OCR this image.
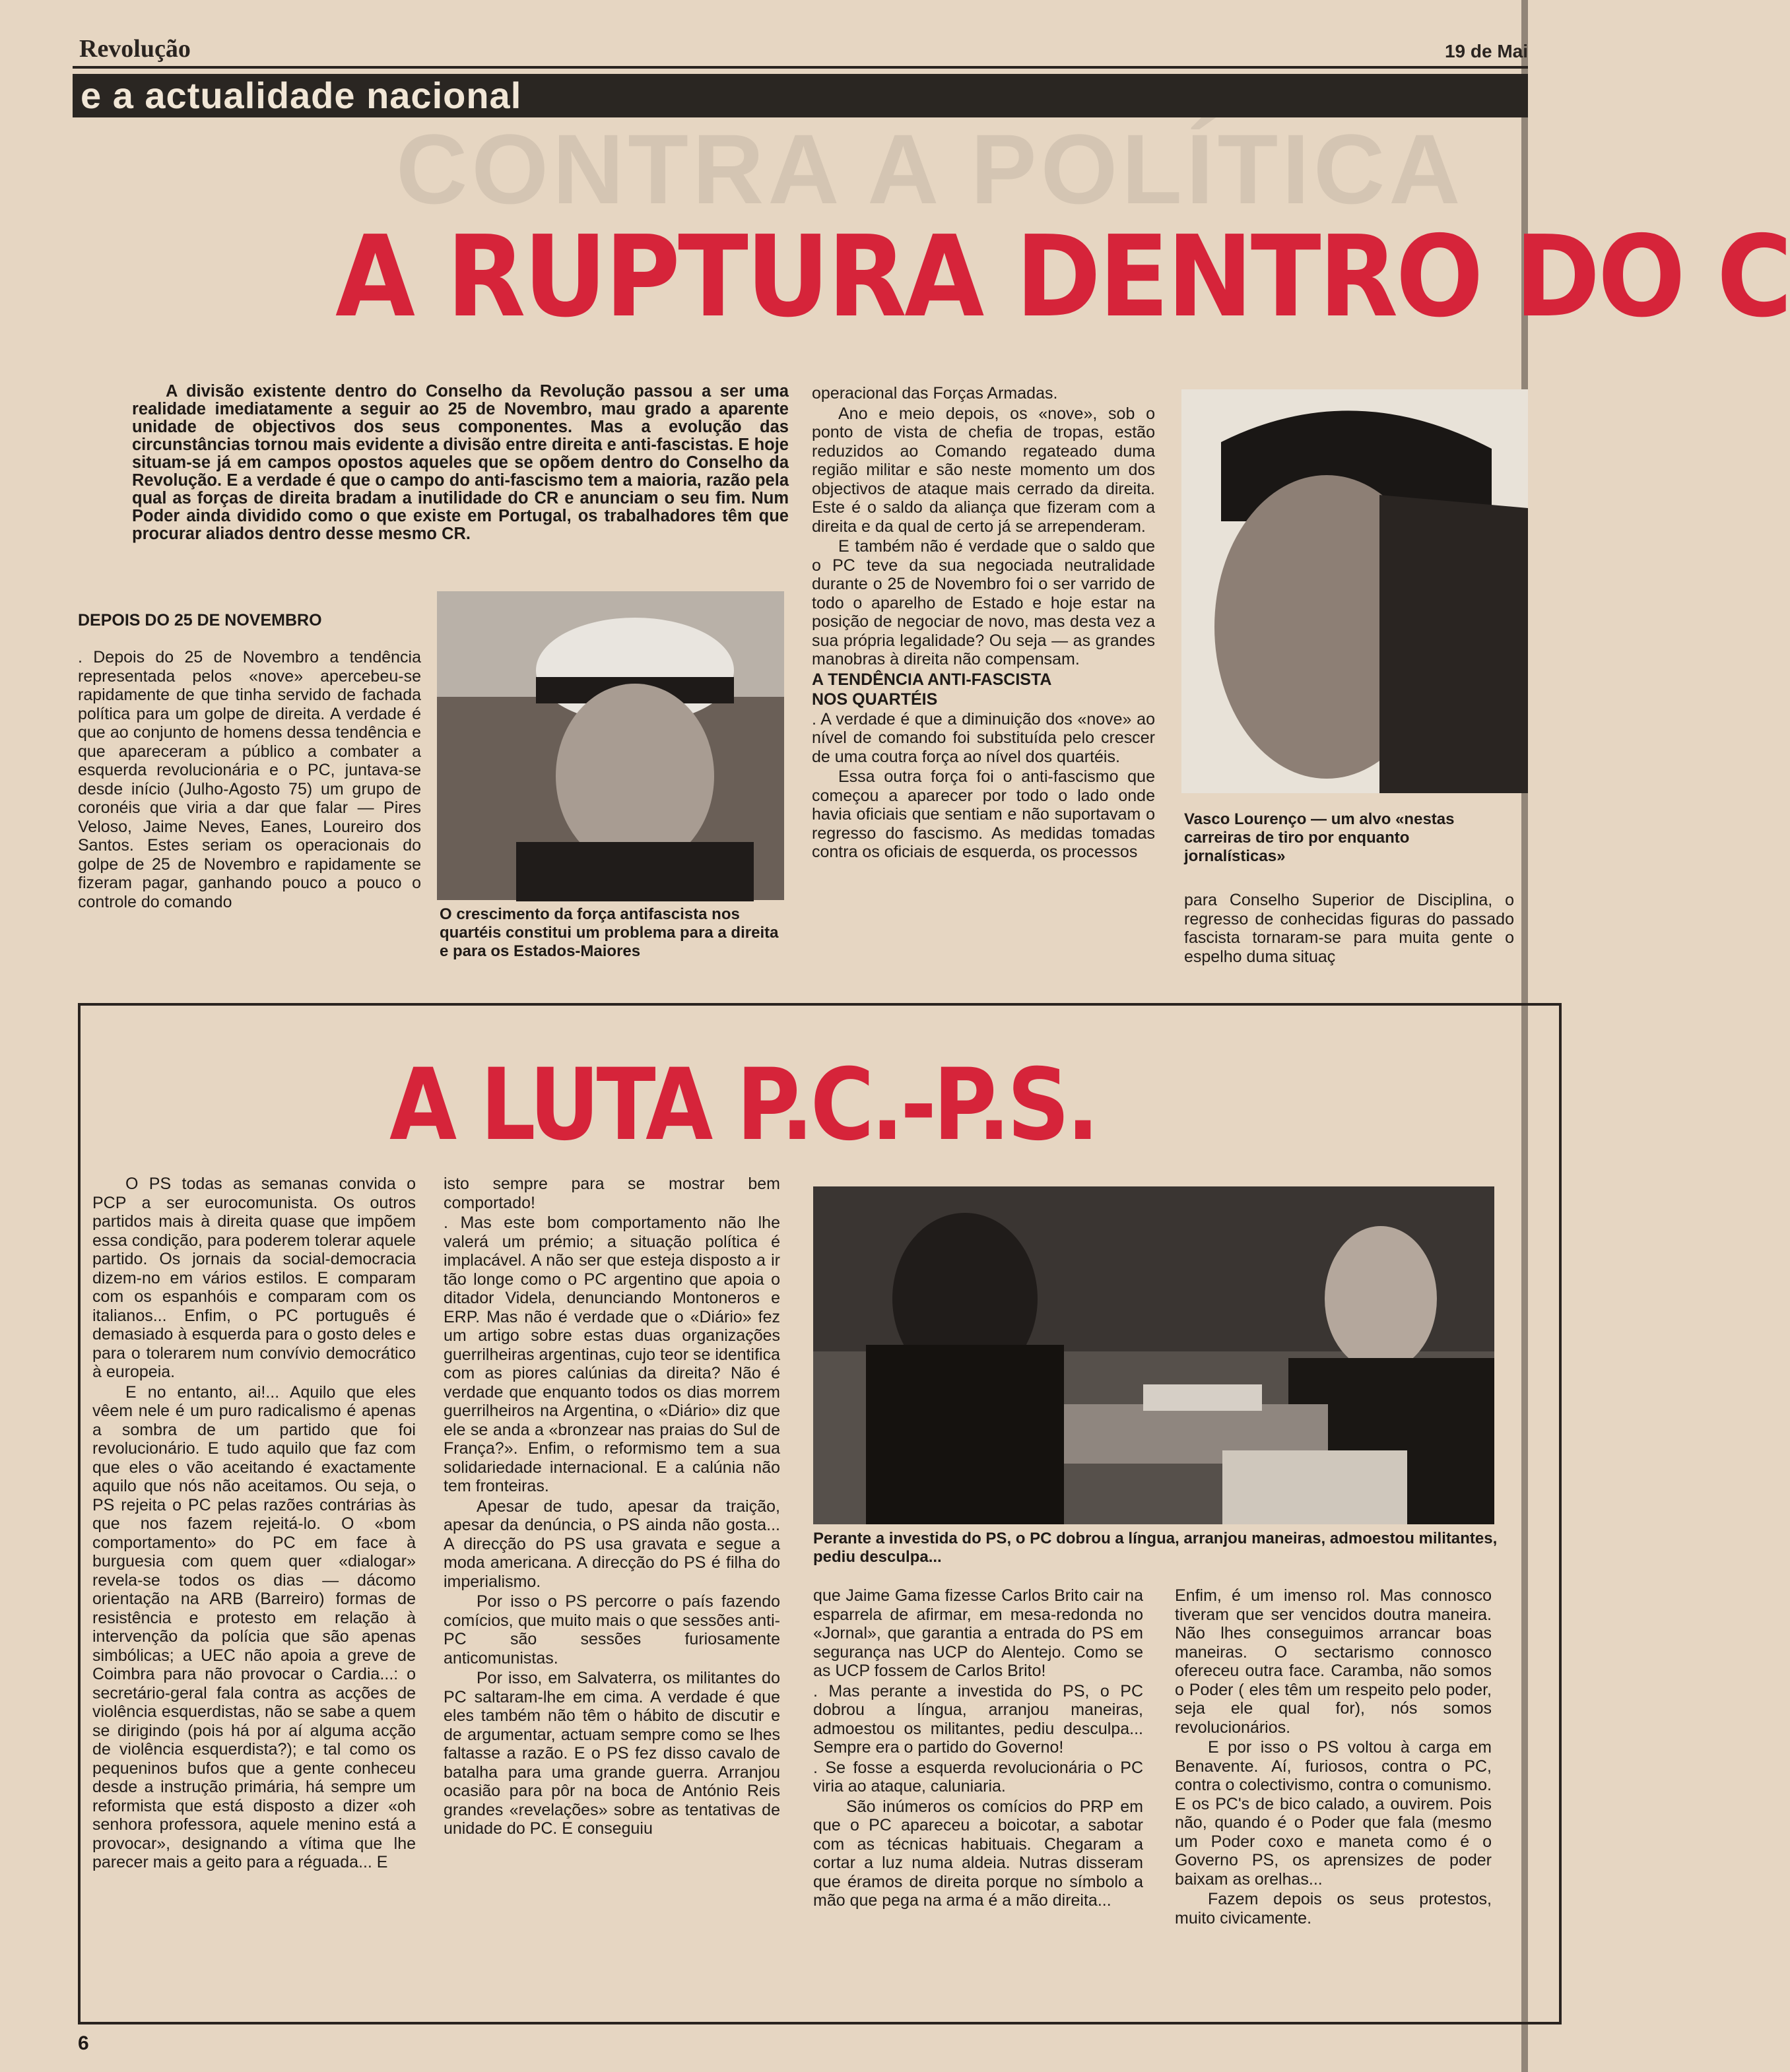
Revolução	19 de Mai
e a actualidade nacional
CONTRA A POLÍTICA
A RUPTURA DENTRO DO C
A divisão existente dentro do Conselho da Revolução passou a ser uma realidade imediatamente a seguir ao 25 de Novembro, mau grado a aparente unidade de objectivos dos seus componentes. Mas a evolução das circunstâncias tornou mais evidente a divisão entre direita e anti-fascistas. E hoje situam-se já em campos opostos aqueles que se opõem dentro do Conselho da Revolução. E a verdade é que o campo do anti-fascismo tem a maioria, razão pela qual as forças de direita bradam a inutilidade do CR e anunciam o seu fim. Num Poder ainda dividido como o que existe em Portugal, os trabalhadores têm que procurar aliados dentro desse mesmo CR.

DEPOIS DO 25 DE NOVEMBRO

. Depois do 25 de Novembro a tendência representada pelos «nove» apercebeu-se rapidamente de que tinha servido de fachada política para um golpe de direita. A verdade é que ao conjunto de homens dessa tendência e que apareceram a público a combater a esquerda revolucionária e o PC, juntava-se desde início (Julho-Agosto 75) um grupo de coronéis que viria a dar que falar — Pires Veloso, Jaime Neves, Eanes, Loureiro dos Santos. Estes seriam os operacionais do golpe de 25 de Novembro e rapidamente se fizeram pagar, ganhando pouco a pouco o controle do comando

O crescimento da força antifascista nos quartéis constitui um problema para a direita e para os Estados-Maiores

operacional das Forças Armadas.

Ano e meio depois, os «nove», sob o ponto de vista de chefia de tropas, estão reduzidos ao Comando regateado duma região militar e são neste momento um dos objectivos de ataque mais cerrado da direita. Este é o saldo da aliança que fizeram com a direita e da qual de certo já se arrependeram.

E também não é verdade que o saldo que o PC teve da sua negociada neutralidade durante o 25 de Novembro foi o ser varrido de todo o aparelho de Estado e hoje estar na posição de negociar de novo, mas desta vez a sua própria legalidade? Ou seja — as grandes manobras à direita não compensam.

A TENDÊNCIA ANTI-FASCISTA

NOS QUARTÉIS

. A verdade é que a diminuição dos «nove» ao nível de comando foi substituída pelo crescer de uma coutra força ao nível dos quartéis.

Essa outra força foi o anti-fascismo que começou a aparecer por todo o lado onde havia oficiais que sentiam e não suportavam o regresso do fascismo. As medidas tomadas contra os oficiais de esquerda, os processos

Vasco Lourenço — um alvo «nestas carreiras de tiro por enquanto jornalísticas»

para Conselho Superior de Disciplina, o regresso de conhecidas figuras do passado fascista tornaram-se para muita gente o espelho duma situaç

A LUTA P.C.-P.S.

O PS todas as semanas convida o PCP a ser eurocomunista. Os outros partidos mais à direita quase que impõem essa condição, para poderem tolerar aquele partido. Os jornais da social-democracia dizem-no em vários estilos. E comparam com os espanhóis e comparam com os italianos... Enfim, o PC português é demasiado à esquerda para o gosto deles e para o tolerarem num convívio democrático à europeia.

E no entanto, ai!... Aquilo que eles vêem nele é um puro radicalismo é apenas a sombra de um partido que foi revolucionário. E tudo aquilo que faz com que eles o vão aceitando é exactamente aquilo que nós não aceitamos. Ou seja, o PS rejeita o PC pelas razões contrárias às que nos fazem rejeitá-lo. O «bom comportamento» do PC em face à burguesia com quem quer «dialogar» revela-se todos os dias — dácomo orientação na ARB (Barreiro) formas de resistência e protesto em relação à intervenção da polícia que são apenas simbólicas; a UEC não apoia a greve de Coimbra para não provocar o Cardia...: o secretário-geral fala contra as acções de violência esquerdistas, não se sabe a quem se dirigindo (pois há por aí alguma acção de violência esquerdista?); e tal como os pequeninos bufos que a gente conheceu desde a instrução primária, há sempre um reformista que está disposto a dizer «oh senhora professora, aquele menino está a provocar», designando a vítima que lhe parecer mais a geito para a réguada... E

isto sempre para se mostrar bem comportado!

. Mas este bom comportamento não lhe valerá um prémio; a situação política é implacável. A não ser que esteja disposto a ir tão longe como o PC argentino que apoia o ditador Videla, denunciando Montoneros e ERP. Mas não é verdade que o «Diário» fez um artigo sobre estas duas organizações guerrilheiras argentinas, cujo teor se identifica com as piores calúnias da direita? Não é verdade que enquanto todos os dias morrem guerrilheiros na Argentina, o «Diário» diz que ele se anda a «bronzear nas praias do Sul de França?». Enfim, o reformismo tem a sua solidariedade internacional. E a calúnia não tem fronteiras.

Apesar de tudo, apesar da traição, apesar da denúncia, o PS ainda não gosta... A direcção do PS usa gravata e segue a moda americana. A direcção do PS é filha do imperialismo.

Por isso o PS percorre o país fazendo comícios, que muito mais o que sessões anti-PC são sessões furiosamente anticomunistas.

Por isso, em Salvaterra, os militantes do PC saltaram-lhe em cima. A verdade é que eles também não têm o hábito de discutir e de argumentar, actuam sempre como se lhes faltasse a razão. E o PS fez disso cavalo de batalha para uma grande guerra. Arranjou ocasião para pôr na boca de António Reis grandes «revelações» sobre as tentativas de unidade do PC. E conseguiu

Perante a investida do PS, o PC dobrou a língua, arranjou maneiras, admoestou militantes, pediu desculpa...

que Jaime Gama fizesse Carlos Brito cair na esparrela de afirmar, em mesa-redonda no «Jornal», que garantia a entrada do PS em segurança nas UCP do Alentejo. Como se as UCP fossem de Carlos Brito!

. Mas perante a investida do PS, o PC dobrou a língua, arranjou maneiras, admoestou os militantes, pediu desculpa... Sempre era o partido do Governo!

. Se fosse a esquerda revolucionária o PC viria ao ataque, caluniaria.

São inúmeros os comícios do PRP em que o PC apareceu a boicotar, a sabotar com as técnicas habituais. Chegaram a cortar a luz numa aldeia. Nutras disseram que éramos de direita porque no símbolo a mão que pega na arma é a mão direita...

Enfim, é um imenso rol. Mas connosco tiveram que ser vencidos doutra maneira. Não lhes conseguimos arrancar boas maneiras. O sectarismo connosco ofereceu outra face. Caramba, não somos o Poder ( eles têm um respeito pelo poder, seja ele qual for), nós somos revolucionários.

E por isso o PS voltou à carga em Benavente. Aí, furiosos, contra o PC, contra o colectivismo, contra o comunismo. E os PC's de bico calado, a ouvirem. Pois não, quando é o Poder que fala (mesmo um Poder coxo e maneta como é o Governo PS, os aprensizes de poder baixam as orelhas...

Fazem depois os seus protestos, muito civicamente.

6
